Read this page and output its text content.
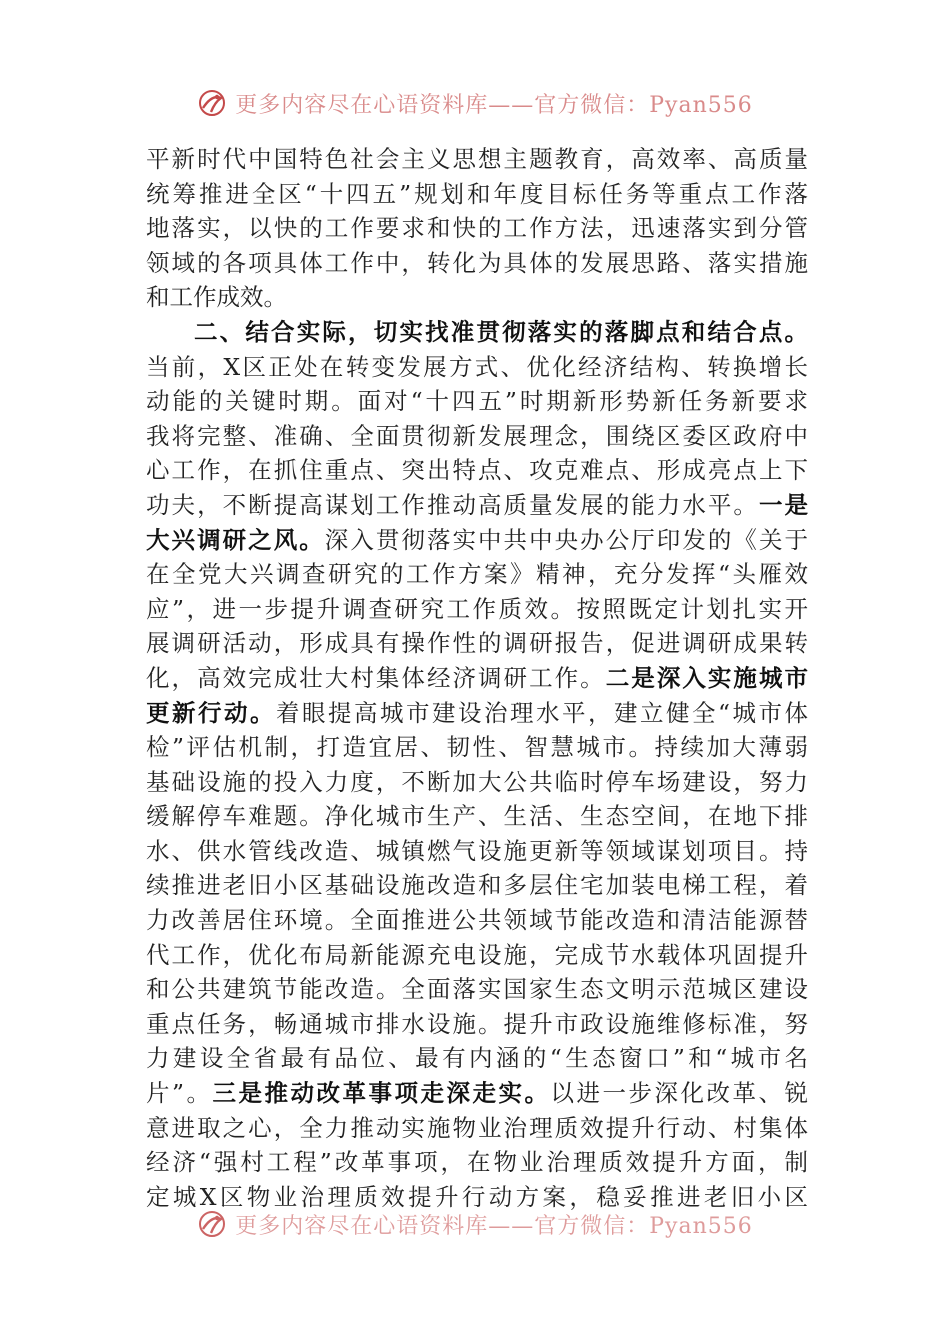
更多内容尽在心语资料库——官方微信：Pyan556
平新时代中国特色社会主义思想主题教育，高效率、高质量
统筹推进全区“十四五”规划和年度目标任务等重点工作落
地落实，以快的工作要求和快的工作方法，迅速落实到分管
领域的各项具体工作中，转化为具体的发展思路、落实措施
和工作成效。
二、结合实际，切实找准贯彻落实的落脚点和结合点。
当前，X区正处在转变发展方式、优化经济结构、转换增长
动能的关键时期。面对“十四五”时期新形势新任务新要求
我将完整、准确、全面贯彻新发展理念，围绕区委区政府中
心工作，在抓住重点、突出特点、攻克难点、形成亮点上下
功夫，不断提高谋划工作推动高质量发展的能力水平。一是
大兴调研之风。深入贯彻落实中共中央办公厅印发的《关于
在全党大兴调查研究的工作方案》精神，充分发挥“头雁效
应”，进一步提升调查研究工作质效。按照既定计划扎实开
展调研活动，形成具有操作性的调研报告，促进调研成果转
化，高效完成壮大村集体经济调研工作。二是深入实施城市
更新行动。着眼提高城市建设治理水平，建立健全“城市体
检”评估机制，打造宜居、韧性、智慧城市。持续加大薄弱
基础设施的投入力度，不断加大公共临时停车场建设，努力
缓解停车难题。净化城市生产、生活、生态空间，在地下排
水、供水管线改造、城镇燃气设施更新等领域谋划项目。持
续推进老旧小区基础设施改造和多层住宅加装电梯工程，着
力改善居住环境。全面推进公共领域节能改造和清洁能源替
代工作，优化布局新能源充电设施，完成节水载体巩固提升
和公共建筑节能改造。全面落实国家生态文明示范城区建设
重点任务，畅通城市排水设施。提升市政设施维修标准，努
力建设全省最有品位、最有内涵的“生态窗口”和“城市名
片”。三是推动改革事项走深走实。以进一步深化改革、锐
意进取之心，全力推动实施物业治理质效提升行动、村集体
经济“强村工程”改革事项，在物业治理质效提升方面，制
定城X区物业治理质效提升行动方案，稳妥推进老旧小区
更多内容尽在心语资料库——官方微信：Pyan556
